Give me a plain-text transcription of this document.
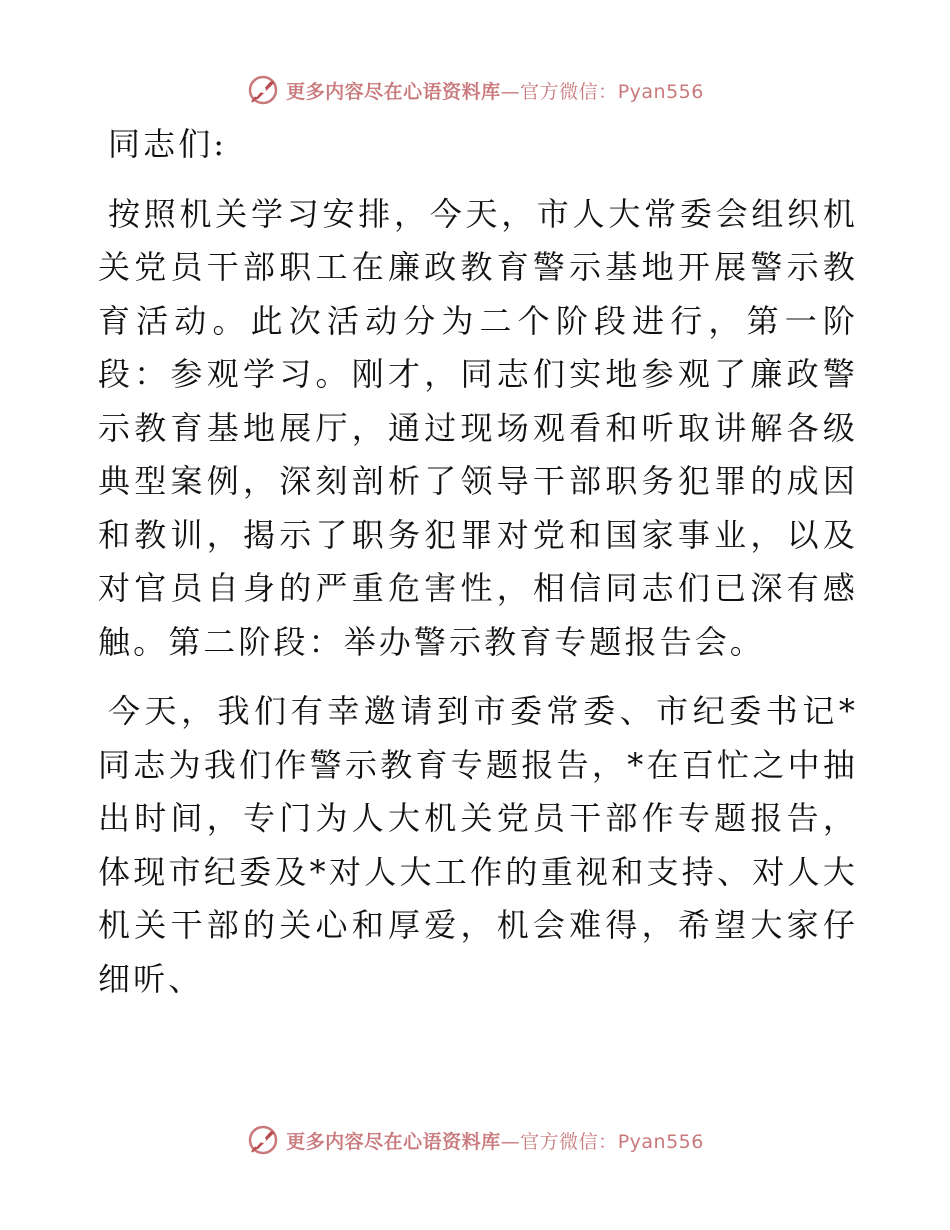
更多内容尽在心语资料库—官方微信：Pyan556

同志们:

按照机关学习安排，今天，市人大常委会组织机关党员干部职工在廉政教育警示基地开展警示教育活动。此次活动分为二个阶段进行，第一阶段：参观学习。刚才，同志们实地参观了廉政警示教育基地展厅，通过现场观看和听取讲解各级典型案例，深刻剖析了领导干部职务犯罪的成因和教训，揭示了职务犯罪对党和国家事业，以及对官员自身的严重危害性，相信同志们已深有感触。第二阶段：举办警示教育专题报告会。

今天，我们有幸邀请到市委常委、市纪委书记*同志为我们作警示教育专题报告，*在百忙之中抽出时间，专门为人大机关党员干部作专题报告，体现市纪委及*对人大工作的重视和支持、对人大机关干部的关心和厚爱，机会难得，希望大家仔细听、

更多内容尽在心语资料库—官方微信：Pyan556
